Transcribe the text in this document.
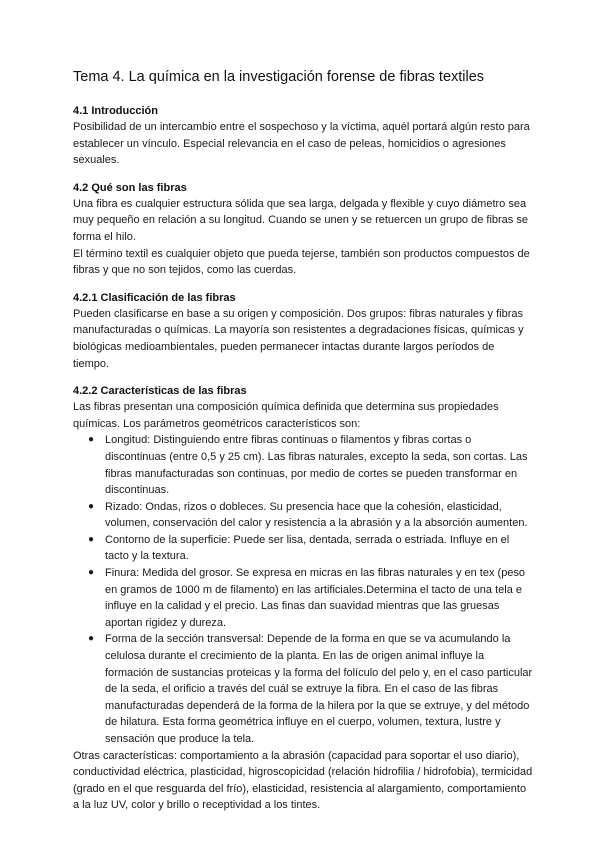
Tema 4. La química en la investigación forense de fibras textiles
4.1 Introducción

Posibilidad de un intercambio entre el sospechoso y la víctima, aquél portará algún resto para establecer un vínculo. Especial relevancia en el caso de peleas, homicidios o agresiones sexuales.

4.2 Qué son las fibras

Una fibra es cualquier estructura sólida que sea larga, delgada y flexible y cuyo diámetro sea muy pequeño en relación a su longitud. Cuando se unen y se retuercen un grupo de fibras se forma el hilo.

El término textil es cualquier objeto que pueda tejerse, también son productos compuestos de fibras y que no son tejidos, como las cuerdas.

4.2.1 Clasificación de las fibras

Pueden clasificarse en base a su origen y composición. Dos grupos: fibras naturales y fibras manufacturadas o químicas. La mayoría son resistentes a degradaciones físicas, químicas y biológicas medioambientales, pueden permanecer intactas durante largos períodos de tiempo.

4.2.2 Características de las fibras

Las fibras presentan una composición química definida que determina sus propiedades químicas. Los parámetros geométricos característicos son:

● Longitud: Distinguiendo entre fibras continuas o filamentos y fibras cortas o discontinuas (entre 0,5 y 25 cm). Las fibras naturales, excepto la seda, son cortas. Las fibras manufacturadas son continuas, por medio de cortes se pueden transformar en discontinuas.
● Rizado: Ondas, rizos o dobleces. Su presencia hace que la cohesión, elasticidad, volumen, conservación del calor y resistencia a la abrasión y a la absorción aumenten.
● Contorno de la superficie: Puede ser lisa, dentada, serrada o estriada. Influye en el tacto y la textura.
● Finura: Medida del grosor. Se expresa en micras en las fibras naturales y en tex (peso en gramos de 1000 m de filamento) en las artificiales.Determina el tacto de una tela e influye en la calidad y el precio. Las finas dan suavidad mientras que las gruesas aportan rigidez y dureza.
● Forma de la sección transversal: Depende de la forma en que se va acumulando la celulosa durante el crecimiento de la planta. En las de origen animal influye la formación de sustancias proteicas y la forma del folículo del pelo y, en el caso particular de la seda, el orificio a través del cuál se extruye la fibra. En el caso de las fibras manufacturadas dependerá de la forma de la hilera por la que se extruye, y del método de hilatura. Esta forma geométrica influye en el cuerpo, volumen, textura, lustre y sensación que produce la tela.

Otras características: comportamiento a la abrasión (capacidad para soportar el uso diario), conductividad eléctrica, plasticidad, higroscopicidad (relación hidrofilia / hidrofobia), termicidad (grado en el que resguarda del frío), elasticidad, resistencia al alargamiento, comportamiento a la luz UV, color y brillo o receptividad a los tintes.
